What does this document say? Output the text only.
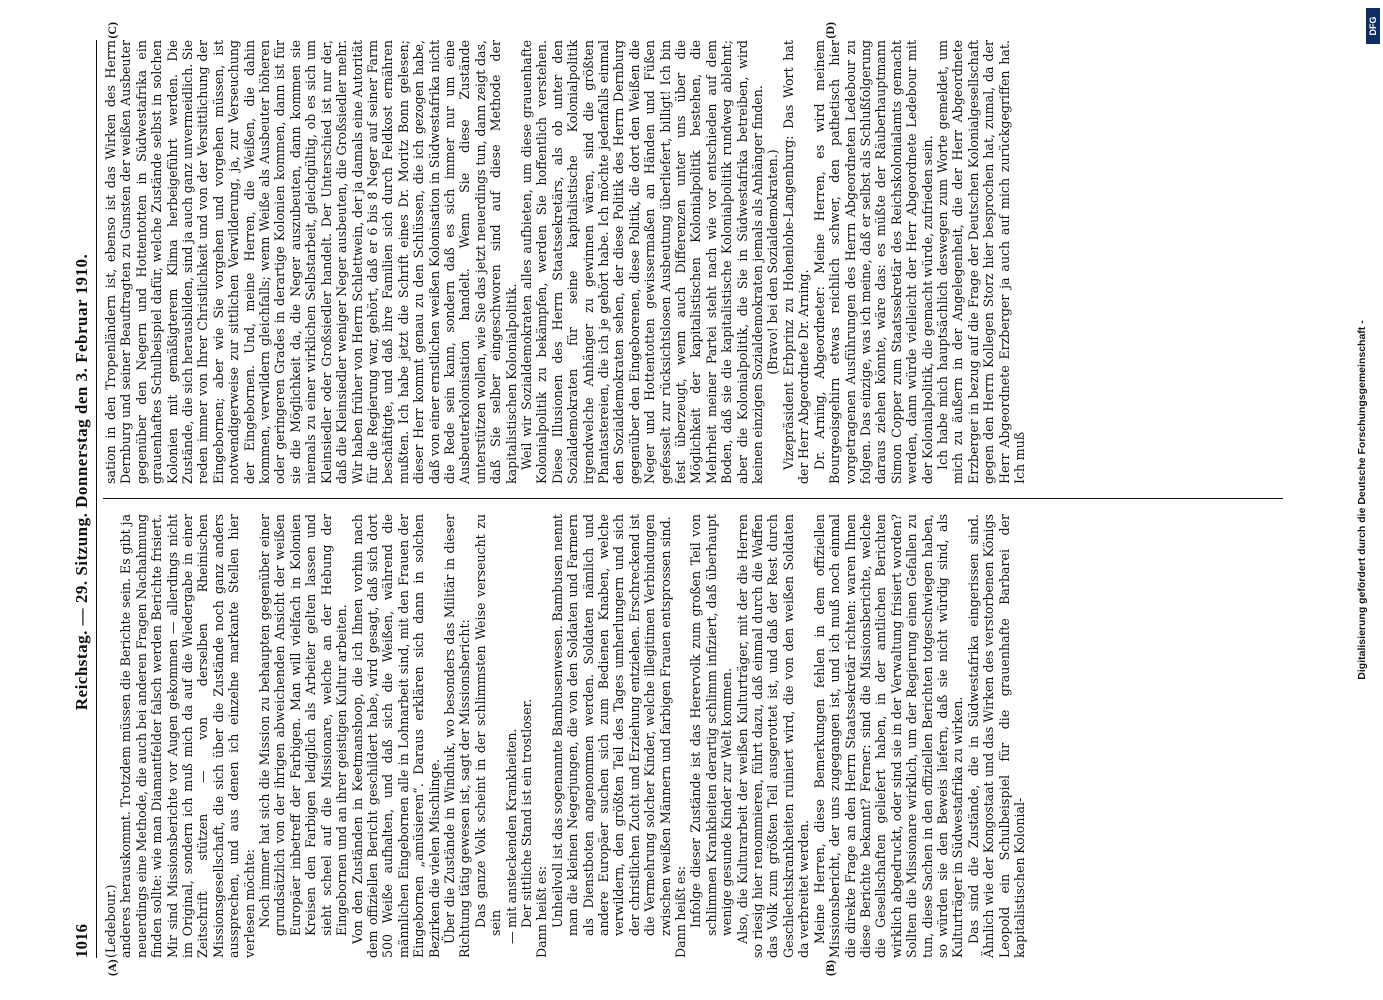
1016
Reichstag. — 29. Sitzung. Donnerstag den 3. Februar 1910.
(A)	(B)
(C)	(D)

(Ledebour.) anderes herauskommt. Trotzdem müssen die Berichte sein. Es gibt ja neuerdings eine Methode, die auch bei anderen Fragen Nachahmung finden sollte: wie man Diamantfelder falsch werden Berichte frisiert. Mir sind Missionsberichte vor Augen gekommen — allerdings nicht im Original, sondern ich muß mich da auf die Wiedergabe in einer Zeitschrift stützen — von derselben Rheinischen Missionsgesellschaft, die sich über die Zustände noch ganz anders aussprechen, und aus denen ich einzelne markante Stellen hier verlesen möchte: Noch immer hat sich die Mission zu behaupten gegenüber einer grundsätzlich von der ihrigen abweichenden Ansicht der weißen Europäer inbetreff der Farbigen. Man will vielfach in Kolonien Kreisen den Farbigen lediglich als Arbeiter gelten lassen und sieht scheel auf die Missionare, welche an der Hebung der Eingebornen und an ihrer geistigen Kultur arbeiten. Von den Zuständen in Keetmanshoop, die ich Ihnen vorhin nach dem offiziellen Bericht geschildert habe, wird gesagt, daß sich dort 500 Weiße aufhalten, und daß sich die Weißen, während die männlichen Eingebornen alle in Lohnarbeit sind, mit den Frauen der Eingebornen „amüsieren“. Daraus erklären sich dann in solchen Bezirken die vielen Mischlinge. Über die Zustände in Windhuk, wo besonders das Militär in dieser Richtung tätig gewesen ist, sagt der Missionsbericht: Das ganze Volk scheint in der schlimmsten Weise verseucht zu sein — mit ansteckenden Krankheiten. Der sittliche Stand ist ein trostloser. Dann heißt es: Unheilvoll ist das sogenannte Bambusenwesen. Bambusen nennt man die kleinen Negerjungen, die von den Soldaten und Farmern als Dienstboten angenommen werden. Soldaten nämlich und andere Europäer suchen sich zum Bedienen Knaben, welche verwildern, den größten Teil des Tages umherlungern und sich der christlichen Zucht und Erziehung entziehen. Erschreckend ist die Vermehrung solcher Kinder, welche illegitimen Verbindungen zwischen weißen Männern und farbigen Frauen entsprossen sind. Dann heißt es: Infolge dieser Zustände ist das Herervolk zum großen Teil von schlimmen Krankheiten derartig schlimm infiziert, daß überhaupt wenige gesunde Kinder zur Welt kommen. Also, die Kulturarbeit der weißen Kulturträger, mit der die Herren so riesig hier renommieren, führt dazu, daß einmal durch die Waffen das Volk zum größten Teil ausgerottet ist, und daß der Rest durch Geschlechtskrankheiten ruiniert wird, die von den weißen Soldaten da verbreitet werden. Meine Herren, diese Bemerkungen fehlen in dem offiziellen Missionsbericht, der uns zugegangen ist, und ich muß noch einmal die direkte Frage an den Herrn Staatssekretär richten: waren Ihnen diese Berichte bekannt? Ferner: sind die Missionsberichte, welche die Gesellschaften geliefert haben, in der amtlichen Berichten wirklich abgedruckt, oder sind sie in der Verwaltung frisiert worden? Sollten die Missionare wirklich, um der Regierung einen Gefallen zu tun, diese Sachen in den offiziellen Berichten totgeschwiegen haben, so würden sie den Beweis liefern, daß sie nicht würdig sind, als Kulturträger in Südwestafrika zu wirken. Das sind die Zustände, die in Südwestafrika eingerissen sind. Ähnlich wie der Kongostaat und das Wirken des verstorbenen Königs Leopold ein Schulbeispiel für die grauenhafte Barbarei der kapitalistischen Kolonial-

sation in den Tropenländern ist, ebenso ist das Wirken des Herrn Dernburg und seiner Beauftragten zu Gunsten der weißen Ausbeuter gegenüber den Negern und Hottentotten in Südwestafrika ein grauenhaftes Schulbeispiel dafür, welche Zustände selbst in solchen Kolonien mit gemäßigterem Klima herbeigeführt werden. Die Zustände, die sich herausbilden, sind ja auch ganz unvermeidlich. Sie reden immer von Ihrer Christlichkeit und von der Versittlichung der Eingebornen; aber wie Sie vorgehen und vorgehen müssen, ist notwendigerweise zur sittlichen Verwilderung, ja, zur Verseuchung der Eingebornen. Und, meine Herren, die Weißen, die dahin kommen, verwildern gleichfalls; wenn Weiße als Ausbeuter höheren oder geringeren Grades in derartige Kolonien kommen, dann ist für sie die Möglichkeit da, die Neger auszubeuten, dann kommen sie niemals zu einer wirklichen Selbstarbeit, gleichgültig, ob es sich um Kleinsiedler oder Großsiedler handelt. Der Unterschied ist nur der, daß die Kleinsiedler weniger Neger ausbeuten, die Großsiedler mehr. Wir haben früher von Herrn Schlettwein, der ja damals eine Autorität für die Regierung war, gehört, daß er 6 bis 8 Neger auf seiner Farm beschäftigte, und daß ihre Familien sich durch Feldkost ernähren mußten. Ich habe jetzt die Schrift eines Dr. Moritz Bonn gelesen; dieser Herr kommt genau zu den Schlüssen, die ich gezogen habe, daß von einer ernstlichen weißen Kolonisation in Südwestafrika nicht die Rede sein kann, sondern daß es sich immer nur um eine Ausbeuterkolonisation handelt. Wenn Sie diese Zustände unterstützen wollen, wie Sie das jetzt neuerdings tun, dann zeigt das, daß Sie selber eingeschworen sind auf diese Methode der kapitalistischen Kolonialpolitik. Weil wir Sozialdemokraten alles aufbieten, um diese grauenhafte Kolonialpolitik zu bekämpfen, werden Sie hoffentlich verstehen. Diese Illusionen des Herrn Staatssekretärs, als ob unter den Sozialdemokraten für seine kapitalistische Kolonialpolitik irgendwelche Anhänger zu gewinnen wären, sind die größten Phantastereien, die ich je gehört habe. Ich möchte jedenfalls einmal den Sozialdemokraten sehen, der diese Politik des Herrn Dernburg gegenüber den Eingeborenen, diese Politik, die dort den Weißen die Neger und Hottentotten gewissermaßen an Händen und Füßen gefesselt zur rücksichtslosen Ausbeutung überliefert, billigt! Ich bin fest überzeugt, wenn auch Differenzen unter uns über die Möglichkeit der kapitalistischen Kolonialpolitik bestehen, die Mehrheit meiner Partei steht nach wie vor entschieden auf dem Boden, daß sie die kapitalistische Kolonialpolitik rundweg ablehnt; aber die Kolonialpolitik, die Sie in Südwestafrika betreiben, wird keinen einzigen Sozialdemokraten jemals als Anhänger finden. (Bravo! bei den Sozialdemokraten.) Vizepräsident Erbprinz zu Hohenlohe-Langenburg: Das Wort hat der Herr Abgeordnete Dr. Arning. Dr. Arning, Abgeordneter: Meine Herren, es wird meinem Bourgeoisgehirn etwas reichlich schwer, den pathetisch hier vorgetragenen Ausführungen des Herrn Abgeordneten Ledebour zu folgen. Das einzige, was ich meine, daß er selbst als Schlußfolgerung daraus ziehen könnte, wäre das: es müßte der Räuberhauptmann Simon Copper zum Staatssekretär des Reichskolonialamts gemacht werden, dann würde vielleicht der Herr Abgeordnete Ledebour mit der Kolonialpolitik, die gemacht würde, zufrieden sein. Ich habe mich hauptsächlich deswegen zum Worte gemeldet, um mich zu äußern in der Angelegenheit, die der Herr Abgeordnete Erzberger in bezug auf die Frage der Deutschen Kolonialgesellschaft gegen den Herrn Kollegen Storz hier besprochen hat, zumal, da der Herr Abgeordnete Erzberger ja auch auf mich zurückgegriffen hat. Ich muß	Digitalisierung gefördert durch die Deutsche Forschungsgemeinschaft -
DFG
